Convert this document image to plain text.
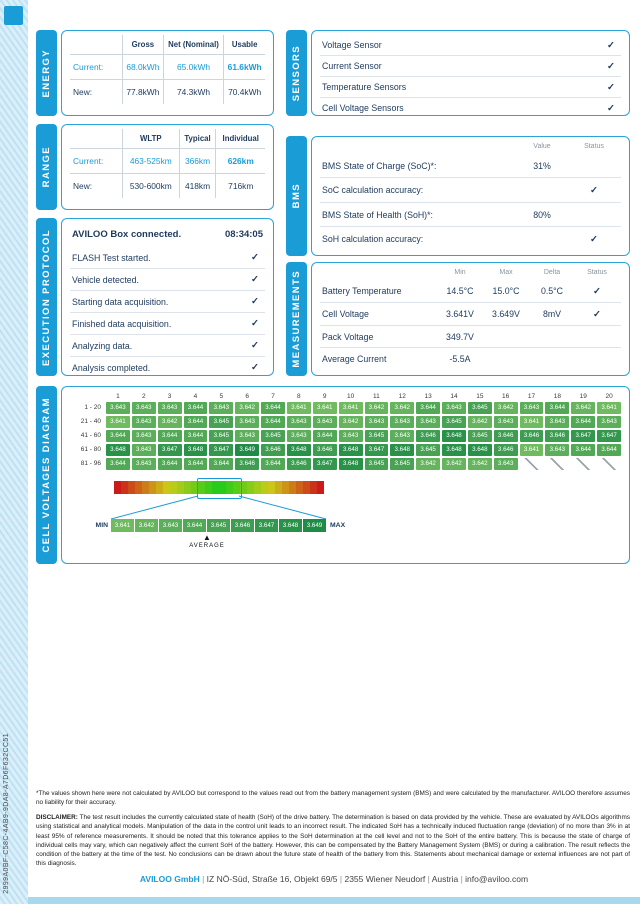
2999A0BF-C58C-4AB9-9DA8-A7D6F632CC51
ENERGY
	Gross	Net (Nominal)	Usable
Current:	68.0kWh	65.0kWh	61.6kWh
New:	77.8kWh	74.3kWh	70.4kWh
RANGE
	WLTP	Typical	Individual
Current:	463-525km	366km	626km
New:	530-600km	418km	716km
EXECUTION PROTOCOL AVILOO Box connected.	08:34:05
FLASH Test started.	✓
Vehicle detected.	✓
Starting data acquisition.	✓
Finished data acquisition.	✓
Analyzing data.	✓
Analysis completed.	✓
SENSORS Voltage Sensor	✓
Current Sensor	✓
Temperature Sensors	✓
Cell Voltage Sensors	✓
BMS
Value	Status
BMS State of Charge (SoC)*:	31%
SoC calculation accuracy:	✓
BMS State of Health (SoH)*:	80%
SoH calculation accuracy:	✓
MEASUREMENTS	Min	Max	Delta	Status
Battery Temperature	14.5°C	15.0°C	0.5°C	✓
Cell Voltage	3.641V	3.649V	8mV	✓
Pack Voltage	349.7V
Average Current	-5.5A
CELL VOLTAGES DIAGRAM
1	2	3	4	5	6	7	8	9	10	11	12	13	14	15	16	17	18	19	20
1 - 20	3.643	3.643	3.643	3.644	3.643	3.642	3.644	3.641	3.641	3.641	3.642	3.642	3.644	3.643	3.645	3.642	3.643	3.644	3.642	3.641
21 - 40	3.641	3.643	3.642	3.644	3.645	3.643	3.644	3.643	3.643	3.642	3.643	3.643	3.643	3.645	3.642	3.643	3.641	3.643	3.644	3.643
41 - 60	3.644	3.643	3.644	3.644	3.645	3.643	3.645	3.643	3.644	3.643	3.645	3.643	3.646	3.648	3.645	3.646	3.646	3.646	3.647	3.647
61 - 80	3.648	3.643	3.647	3.648	3.647	3.649	3.646	3.648	3.646	3.648	3.647	3.648	3.645	3.648	3.648	3.646	3.641	3.643	3.644	3.644
81 - 96	3.644	3.643	3.644	3.644	3.644	3.646	3.644	3.646	3.647	3.648	3.645	3.645	3.642	3.642	3.642	3.643
MIN	3.641	3.642	3.643	3.644	3.645	3.646	3.647	3.648	3.649	MAX
▲
AVERAGE
*The values shown here were not calculated by AVILOO but correspond to the values read out from the battery management system (BMS) and were calculated by the manufacturer. AVILOO therefore assumes no liability for their accuracy.
DISCLAIMER: The test result includes the currently calculated state of health (SoH) of the drive battery. The determination is based on data provided by the vehicle. These are evaluated by AVILOOs algorithms using statistical and analytical models. Manipulation of the data in the control unit leads to an incorrect result. The indicated SoH has a technically induced fluctuation range (deviation) of no more than 3% in at least 95% of reference measurements. It should be noted that this tolerance applies to the SoH determination at the cell level and not to the SoH of the entire battery. This is because the state of charge of individual cells may vary, which can negatively affect the current SoH of the battery. However, this can be compensated by the Battery Management System (BMS) or during a calibration. The result reflects the condition of the battery at the time of the test. No conclusions can be drawn about the future state of health of the battery from this. Statements about mechanical damage or external influences are not part of this diagnosis.
AVILOO GmbH | IZ NÖ-Süd, Straße 16, Objekt 69/5 | 2355 Wiener Neudorf | Austria | info@aviloo.com
